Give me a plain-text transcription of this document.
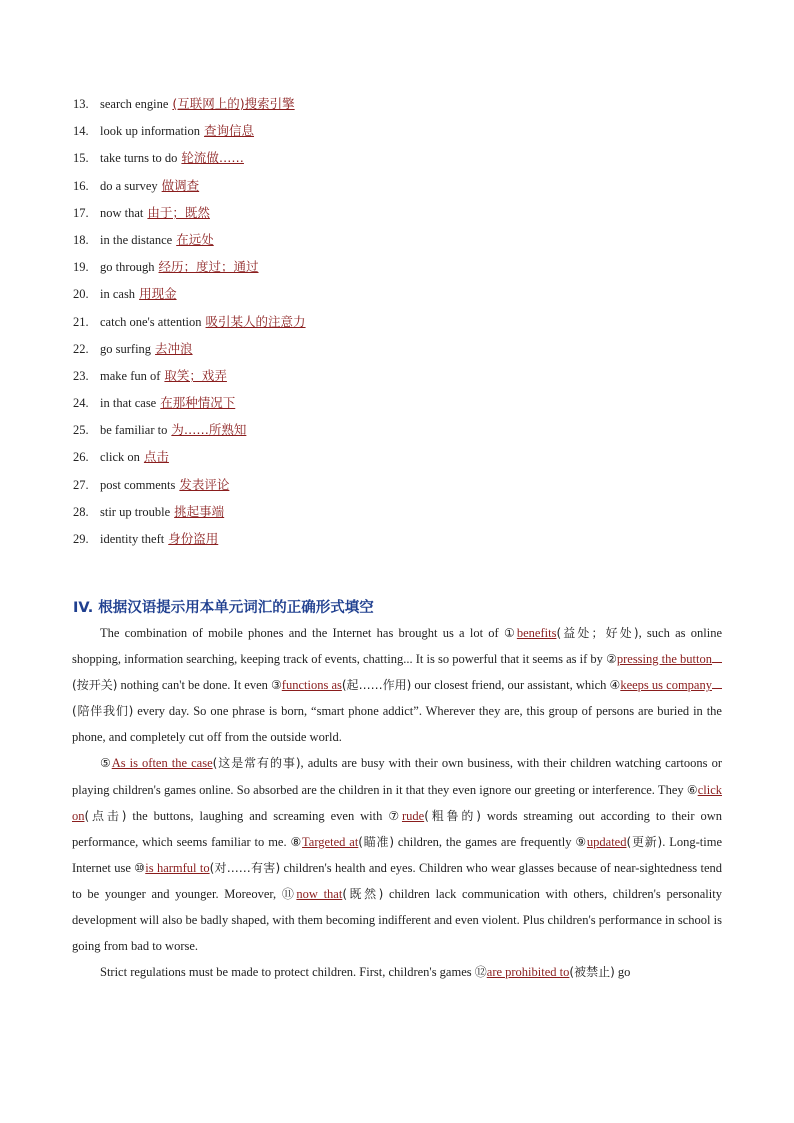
13. search engine (互联网上的)搜索引擎
14. look up information 查询信息
15. take turns to do 轮流做……
16. do a survey 做调查
17. now that 由于；既然
18. in the distance 在远处
19. go through 经历；度过；通过
20. in cash 用现金
21. catch one's attention 吸引某人的注意力
22. go surfing 去冲浪
23. make fun of 取笑；戏弄
24. in that case 在那种情况下
25. be familiar to 为……所熟知
26. click on 点击
27. post comments 发表评论
28. stir up trouble 挑起事端
29. identity theft 身份盗用
IV. 根据汉语提示用本单元词汇的正确形式填空

The combination of mobile phones and the Internet has brought us a lot of ①benefits(益处；好处), such as online shopping, information searching, keeping track of events, chatting... It is so powerful that it seems as if by ②pressing the button (按开关) nothing can't be done. It even ③functions as(起……作用) our closest friend, our assistant, which ④keeps us company (陪伴我们) every day. So one phrase is born, “smart phone addict”. Wherever they are, this group of persons are buried in the phone, and completely cut off from the outside world.

⑤As is often the case(这是常有的事), adults are busy with their own business, with their children watching cartoons or playing children's games online. So absorbed are the children in it that they even ignore our greeting or interference. They ⑥click on(点击) the buttons, laughing and screaming even with ⑦rude(粗鲁的) words streaming out according to their own performance, which seems familiar to me. ⑧Targeted at(瞄准) children, the games are frequently ⑨updated(更新). Long-time Internet use ⑩is harmful to(对……有害) children's health and eyes. Children who wear glasses because of near-sightedness tend to be younger and younger. Moreover, ⑪now that(既然) children lack communication with others, children's personality development will also be badly shaped, with them becoming indifferent and even violent. Plus children's performance in school is going from bad to worse.

Strict regulations must be made to protect children. First, children's games ⑫are prohibited to(被禁止) go
